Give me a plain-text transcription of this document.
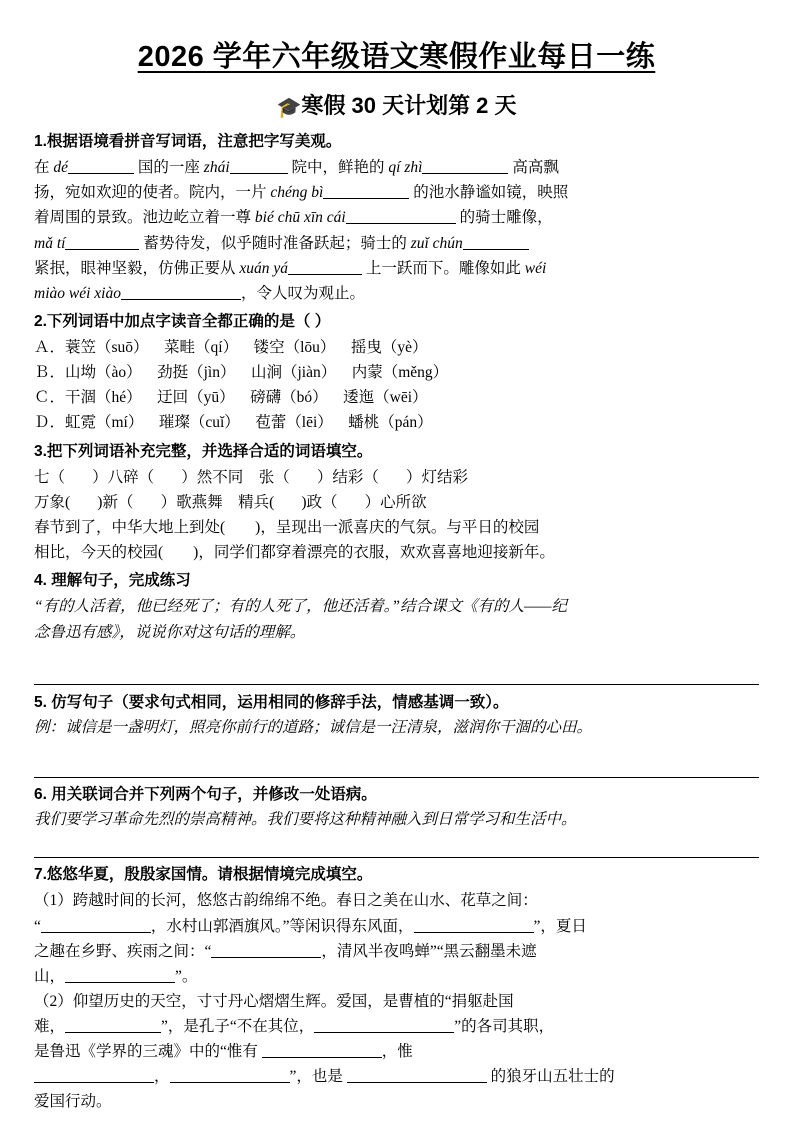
2026 学年六年级语文寒假作业每日一练
🎓寒假 30 天计划第 2 天
1.根据语境看拼音写词语，注意把字写美观。

在 dé	国的一座 zhái	院中，鲜艳的 qí zhì	高高飘

扬，宛如欢迎的使者。院内，一片 chéng bì	的池水静谧如镜，映照

着周围的景致。池边屹立着一尊 bié chū xīn cái	的骑士雕像，

mǎ tí	蓄势待发，似乎随时准备跃起；骑士的 zuǐ chún

紧抿，眼神坚毅，仿佛正要从 xuán yá	上一跃而下。雕像如此 wéi

miào wéi xiào	，令人叹为观止。

2.下列词语中加点字读音全都正确的是（ ）

Ａ．蓑笠（suō）    菜畦（qí）    镂空（lōu）    摇曳（yè）

Ｂ．山坳（ào）    劲挺（jìn）    山涧（jiàn）    内蒙（měng）

Ｃ．干涸（hé）    迂回（yū）    磅礴（bó）    逶迤（wēi）

Ｄ．虹霓（mí）    璀璨（cuǐ）    苞蕾（lēi）    蟠桃（pán）

3.把下列词语补充完整，并选择合适的词语填空。

七（       ）八碎（       ）然不同    张（       ）结彩（       ）灯结彩

万象(       )新（       ）歌燕舞    精兵(       )政（       ）心所欲

春节到了，中华大地上到处( )，呈现出一派喜庆的气氛。与平日的校园

相比，今天的校园( )，同学们都穿着漂亮的衣服，欢欢喜喜地迎接新年。

4. 理解句子，完成练习

“有的人活着，他已经死了；有的人死了，他还活着。”结合课文《有的人——纪

念鲁迅有感》，说说你对这句话的理解。

5. 仿写句子（要求句式相同，运用相同的修辞手法，情感基调一致）。

例：诚信是一盏明灯，照亮你前行的道路；诚信是一汪清泉，滋润你干涸的心田。

6. 用关联词合并下列两个句子，并修改一处语病。

我们要学习革命先烈的崇高精神。我们要将这种精神融入到日常学习和生活中。

7.悠悠华夏，殷殷家国情。请根据情境完成填空。

（1）跨越时间的长河，悠悠古韵绵绵不绝。春日之美在山水、花草之间：

“	，水村山郭酒旗风。”等闲识得东风面，	”，夏日

之趣在乡野、疾雨之间：“	，清风半夜鸣蝉”“黑云翻墨未遮

山，	”。

（2）仰望历史的天空，寸寸丹心熠熠生辉。爱国，是曹植的“捐躯赴国

难，	”，是孔子“不在其位，	”的各司其职，

是鲁迅《学界的三魂》中的“惟有	，惟

，	”，也是	的狼牙山五壮士的

爱国行动。
